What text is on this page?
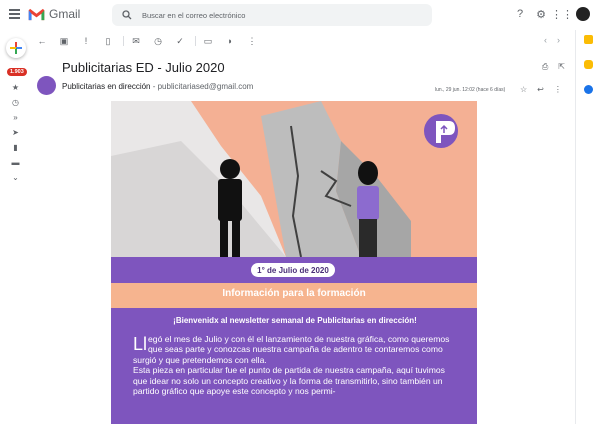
Gmail	Buscar en el correo electrónico	?	⚙ ⋮⋮
1.903
★
◷
»
➤
▮
▬
⌄
←	▣	!	▯	✉	◷	✓	▭	◗	⋮	‹ ›
Publicitarias ED - Julio 2020	⎙ ⇱
Publicitarias en dirección - publicitariased@gmail.com	lun., 29 jun. 12:02 (hace 6 días) ☆ ↩ ⋮
1° de Julio de 2020
Información para la formación
¡Bienvenidx al newsletter semanal de Publicitarias en dirección!

Ll egó el mes de Julio y con él el lanzamiento de nuestra gráfica, como queremos que seas parte y conozcas nuestra campaña de adentro te contaremos como surgió y que pretendemos con ella.
Esta pieza en particular fue el punto de partida de nuestra campaña, aquí tuvimos que idear no solo un concepto creativo y la forma de transmitirlo, sino también un partido gráfico que apoye este concepto y nos permi-
